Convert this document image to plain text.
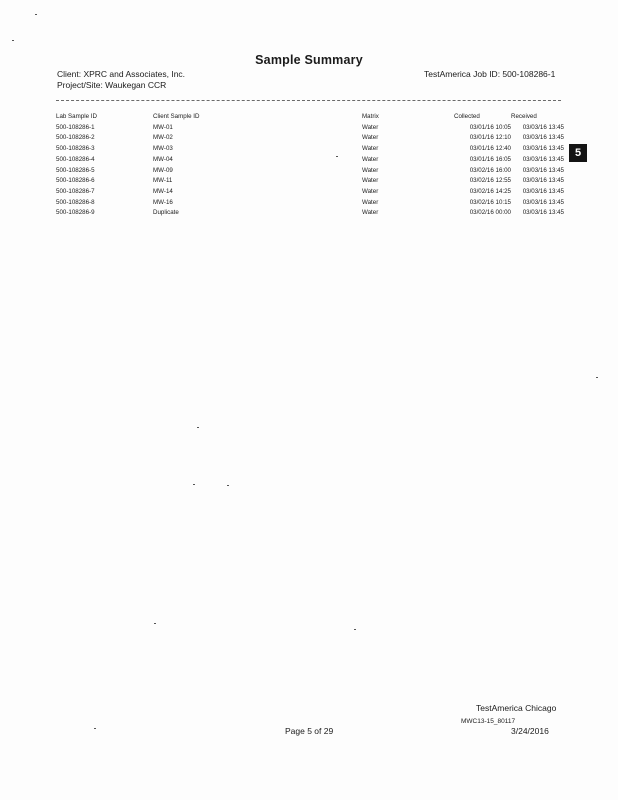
Sample Summary
Client: XPRC and Associates, Inc.
Project/Site: Waukegan CCR
TestAmerica Job ID: 500-108286-1
Lab Sample ID	Client Sample ID	Matrix	Collected	Received
500-108286-1	MW-01	Water	03/01/16 10:05	03/03/16 13:45
500-108286-2	MW-02	Water	03/01/16 12:10	03/03/16 13:45
500-108286-3	MW-03	Water	03/01/16 12:40	03/03/16 13:45
500-108286-4	MW-04	Water	03/01/16 16:05	03/03/16 13:45
500-108286-5	MW-09	Water	03/02/16 16:00	03/03/16 13:45
500-108286-6	MW-11	Water	03/02/16 12:55	03/03/16 13:45
500-108286-7	MW-14	Water	03/02/16 14:25	03/03/16 13:45
500-108286-8	MW-16	Water	03/02/16 10:15	03/03/16 13:45
500-108286-9	Duplicate	Water	03/02/16 00:00	03/03/16 13:45
5
TestAmerica Chicago
MWC13-15_80117
Page 5 of 29	3/24/2016
